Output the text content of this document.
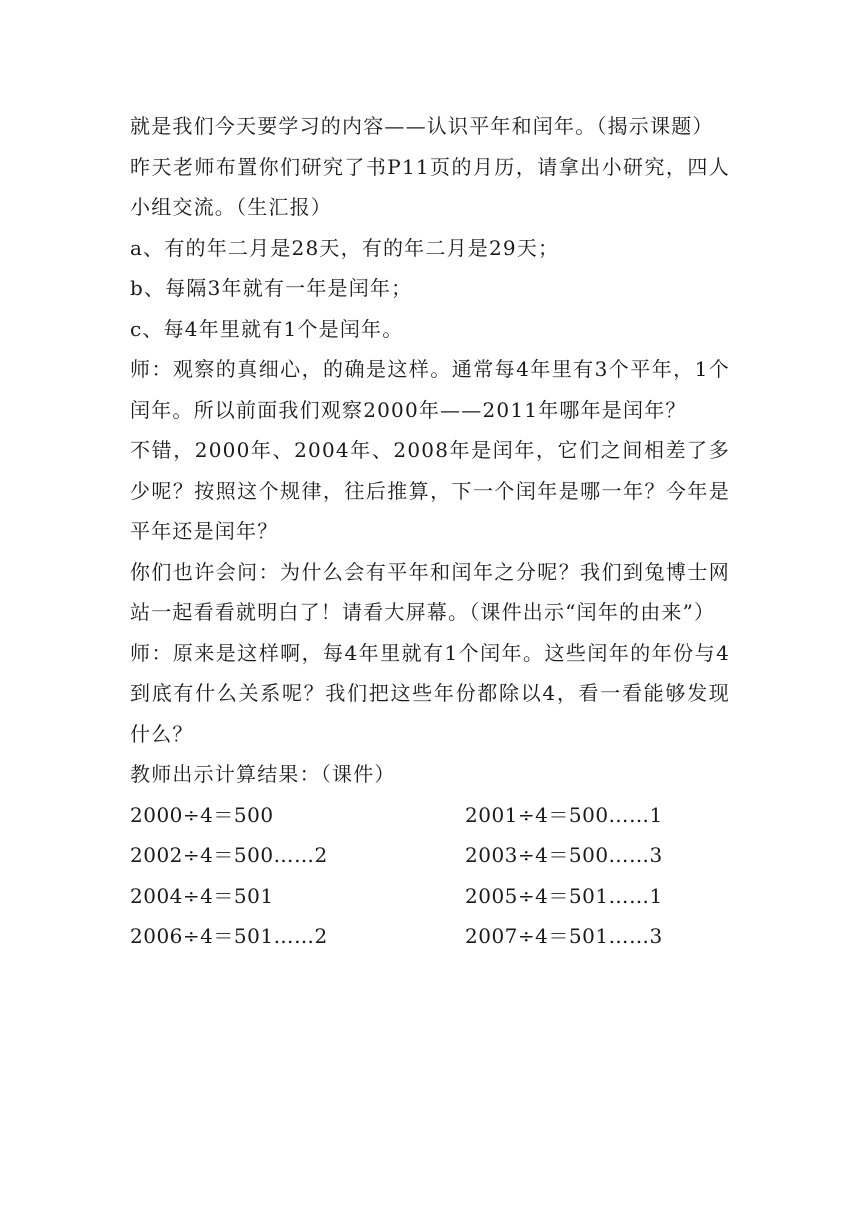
就是我们今天要学习的内容——认识平年和闰年。（揭示课题）

昨天老师布置你们研究了书P11页的月历，请拿出小研究，四人小组交流。（生汇报）

a、有的年二月是28天，有的年二月是29天；

b、每隔3年就有一年是闰年；

c、每4年里就有1个是闰年。

师：观察的真细心，的确是这样。通常每4年里有3个平年，1个闰年。所以前面我们观察2000年——2011年哪年是闰年？

不错，2000年、2004年、2008年是闰年，它们之间相差了多少呢？按照这个规律，往后推算，下一个闰年是哪一年？今年是平年还是闰年？

你们也许会问：为什么会有平年和闰年之分呢？我们到兔博士网站一起看看就明白了！请看大屏幕。（课件出示“闰年的由来”）

师：原来是这样啊，每4年里就有1个闰年。这些闰年的年份与4到底有什么关系呢？我们把这些年份都除以4，看一看能够发现什么？

教师出示计算结果：（课件）

2000÷4＝500	2001÷4＝500……1
2002÷4＝500……2	2003÷4＝500……3
2004÷4＝501	2005÷4＝501……1
2006÷4＝501……2	2007÷4＝501……3
